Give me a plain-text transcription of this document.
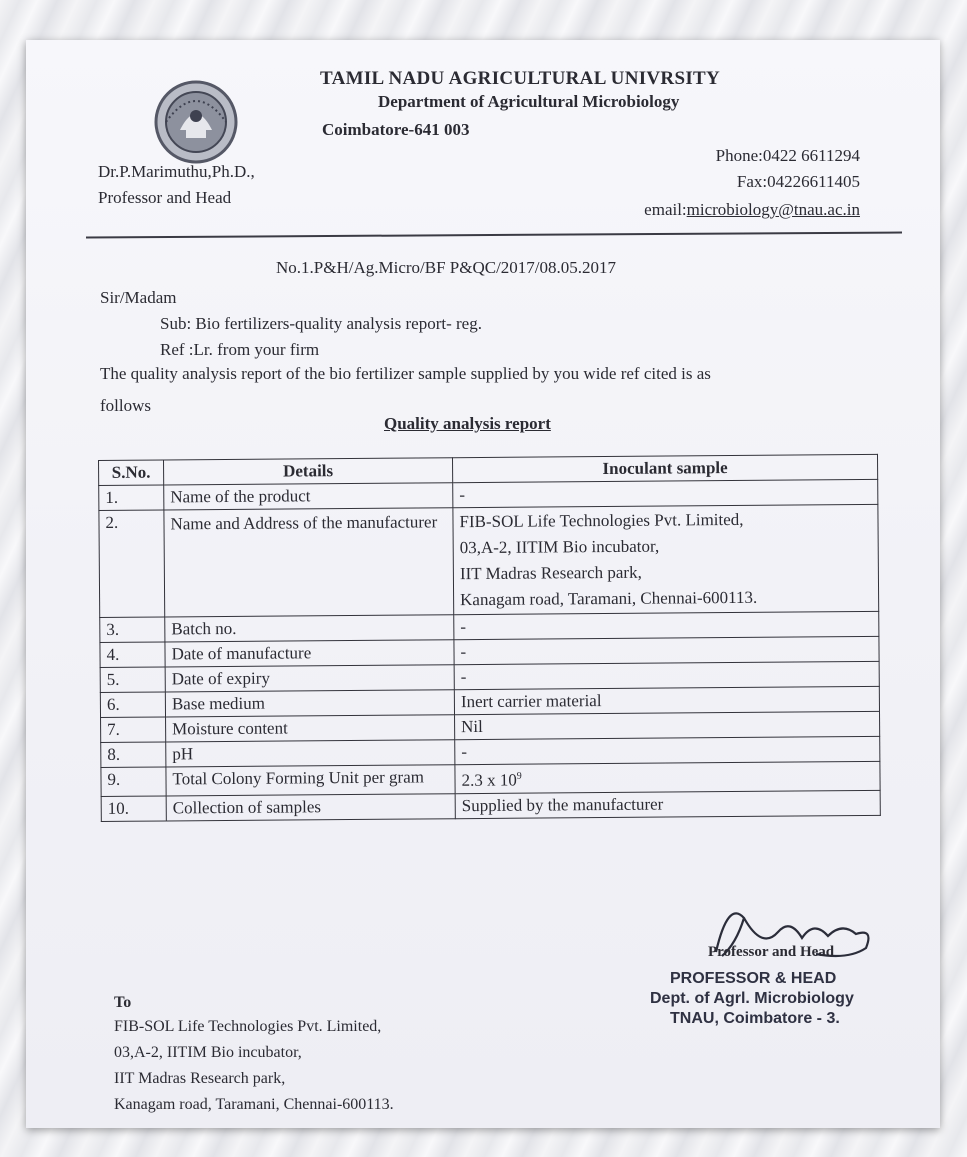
TAMIL NADU AGRICULTURAL UNIVRSITY
Department of Agricultural Microbiology
Coimbatore-641 003
Dr.P.Marimuthu,Ph.D.,
Professor and Head
Phone:0422 6611294
Fax:04226611405
email:microbiology@tnau.ac.in
No.1.P&H/Ag.Micro/BF P&QC/2017/08.05.2017
Sir/Madam
Sub: Bio fertilizers-quality analysis report- reg.
Ref :Lr. from your firm
The quality analysis report of the bio fertilizer sample supplied by you wide ref cited is as
follows
Quality analysis report
S.No.	Details	Inoculant sample
1.	Name of the product	-
2.	Name and Address of the manufacturer	FIB-SOL Life Technologies Pvt. Limited,
03,A-2, IITIM Bio incubator,
IIT Madras Research park,
Kanagam road, Taramani, Chennai-600113.

3.	Batch no.	-
4.	Date of manufacture	-
5.	Date of expiry	-
6.	Base medium	Inert carrier material
7.	Moisture content	Nil
8.	pH	-
9.	Total Colony Forming Unit per gram	2.3 x $10^9$
10.	Collection of samples	Supplied by the manufacturer
Professor and Head
PROFESSOR & HEAD
Dept. of Agrl. Microbiology
TNAU, Coimbatore - 3.
To
FIB-SOL Life Technologies Pvt. Limited,
03,A-2, IITIM Bio incubator,
IIT Madras Research park,
Kanagam road, Taramani, Chennai-600113.
